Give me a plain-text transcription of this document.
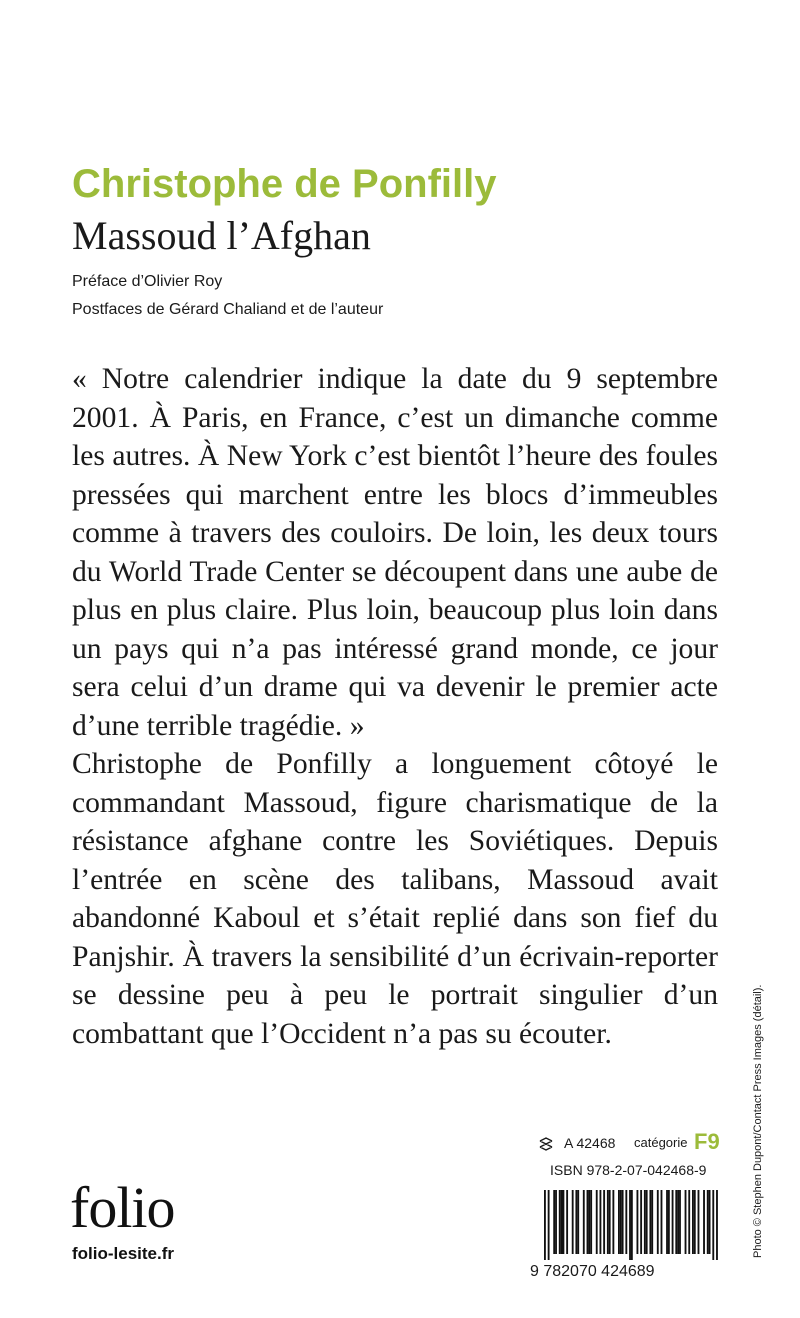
Christophe de Ponfilly
Massoud l’Afghan
Préface d’Olivier Roy
Postfaces de Gérard Chaliand et de l’auteur

« Notre calendrier indique la date du 9 septembre 2001. À Paris, en France, c’est un dimanche comme les autres. À New York c’est bientôt l’heure des foules pressées qui marchent entre les blocs d’immeubles comme à travers des couloirs. De loin, les deux tours du World Trade Center se découpent dans une aube de plus en plus claire. Plus loin, beaucoup plus loin dans un pays qui n’a pas intéressé grand monde, ce jour sera celui d’un drame qui va devenir le premier acte d’une terrible tragédie. »

Christophe de Ponfilly a longuement côtoyé le commandant Massoud, figure charismatique de la résistance afghane contre les Soviétiques. Depuis l’entrée en scène des talibans, Massoud avait abandonné Kaboul et s’était replié dans son fief du Panjshir. À travers la sensibilité d’un écrivain-reporter se dessine peu à peu le portrait singulier d’un combattant que l’Occident n’a pas su écouter.

A 42468 catégorie F9
ISBN 978-2-07-042468-9
9 782070 424689
folio
folio-lesite.fr	Photo © Stephen Dupont/Contact Press Images (détail).
